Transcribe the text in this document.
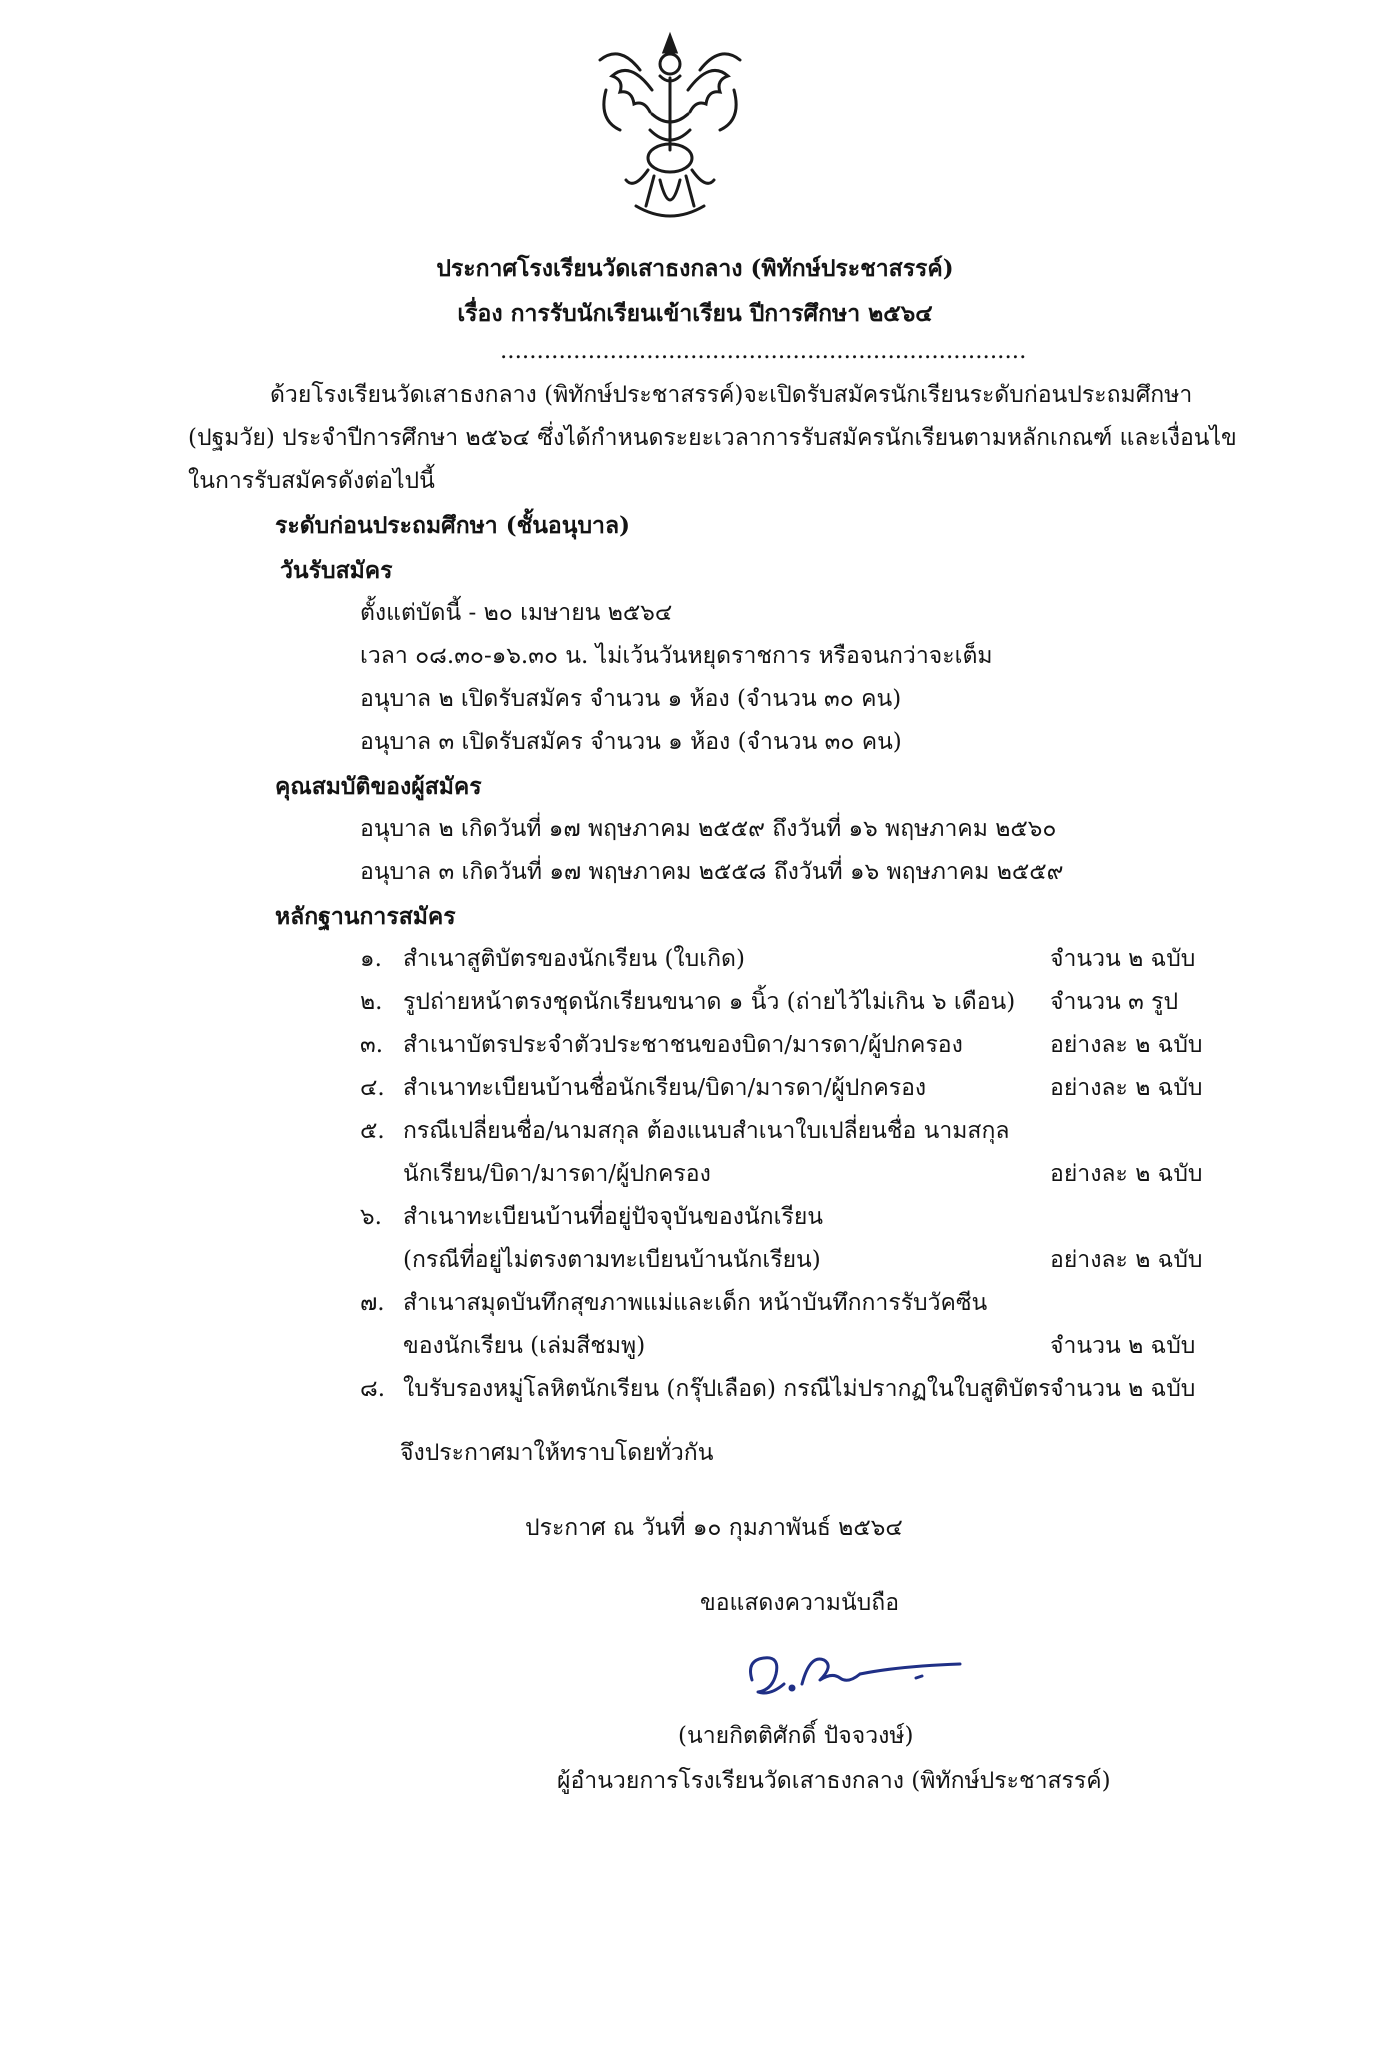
ประกาศโรงเรียนวัดเสาธงกลาง (พิทักษ์ประชาสรรค์)
เรื่อง การรับนักเรียนเข้าเรียน ปีการศึกษา ๒๕๖๔
........................................................................
ด้วยโรงเรียนวัดเสาธงกลาง (พิทักษ์ประชาสรรค์)จะเปิดรับสมัครนักเรียนระดับก่อนประถมศึกษา
(ปฐมวัย) ประจำปีการศึกษา ๒๕๖๔ ซึ่งได้กำหนดระยะเวลาการรับสมัครนักเรียนตามหลักเกณฑ์ และเงื่อนไข
ในการรับสมัครดังต่อไปนี้
ระดับก่อนประถมศึกษา (ชั้นอนุบาล)
วันรับสมัคร
ตั้งแต่บัดนี้ - ๒๐ เมษายน ๒๕๖๔
เวลา ๐๘.๓๐-๑๖.๓๐ น. ไม่เว้นวันหยุดราชการ หรือจนกว่าจะเต็ม
อนุบาล ๒ เปิดรับสมัคร จำนวน ๑ ห้อง (จำนวน ๓๐ คน)
อนุบาล ๓ เปิดรับสมัคร จำนวน ๑ ห้อง (จำนวน ๓๐ คน)
คุณสมบัติของผู้สมัคร
อนุบาล ๒ เกิดวันที่ ๑๗ พฤษภาคม ๒๕๕๙ ถึงวันที่ ๑๖ พฤษภาคม ๒๕๖๐
อนุบาล ๓ เกิดวันที่ ๑๗ พฤษภาคม ๒๕๕๘ ถึงวันที่ ๑๖ พฤษภาคม ๒๕๕๙
หลักฐานการสมัคร
๑. สำเนาสูติบัตรของนักเรียน (ใบเกิด)	จำนวน ๒ ฉบับ
๒. รูปถ่ายหน้าตรงชุดนักเรียนขนาด ๑ นิ้ว (ถ่ายไว้ไม่เกิน ๖ เดือน) จำนวน ๓ รูป
๓. สำเนาบัตรประจำตัวประชาชนของบิดา/มารดา/ผู้ปกครอง	อย่างละ ๒ ฉบับ
๔. สำเนาทะเบียนบ้านชื่อนักเรียน/บิดา/มารดา/ผู้ปกครอง	อย่างละ ๒ ฉบับ
๕. กรณีเปลี่ยนชื่อ/นามสกุล ต้องแนบสำเนาใบเปลี่ยนชื่อ นามสกุล
นักเรียน/บิดา/มารดา/ผู้ปกครอง	อย่างละ ๒ ฉบับ
๖. สำเนาทะเบียนบ้านที่อยู่ปัจจุบันของนักเรียน
(กรณีที่อยู่ไม่ตรงตามทะเบียนบ้านนักเรียน)	อย่างละ ๒ ฉบับ
๗. สำเนาสมุดบันทึกสุขภาพแม่และเด็ก หน้าบันทึกการรับวัคซีน
ของนักเรียน (เล่มสีชมพู)	จำนวน ๒ ฉบับ
๘. ใบรับรองหมู่โลหิตนักเรียน (กรุ๊ปเลือด) กรณีไม่ปรากฏในใบสูติบัตร จำนวน ๒ ฉบับ
จึงประกาศมาให้ทราบโดยทั่วกัน
ประกาศ ณ วันที่ ๑๐ กุมภาพันธ์ ๒๕๖๔
ขอแสดงความนับถือ
(นายกิตติศักดิ์ ปัจจวงษ์)
ผู้อำนวยการโรงเรียนวัดเสาธงกลาง (พิทักษ์ประชาสรรค์)
